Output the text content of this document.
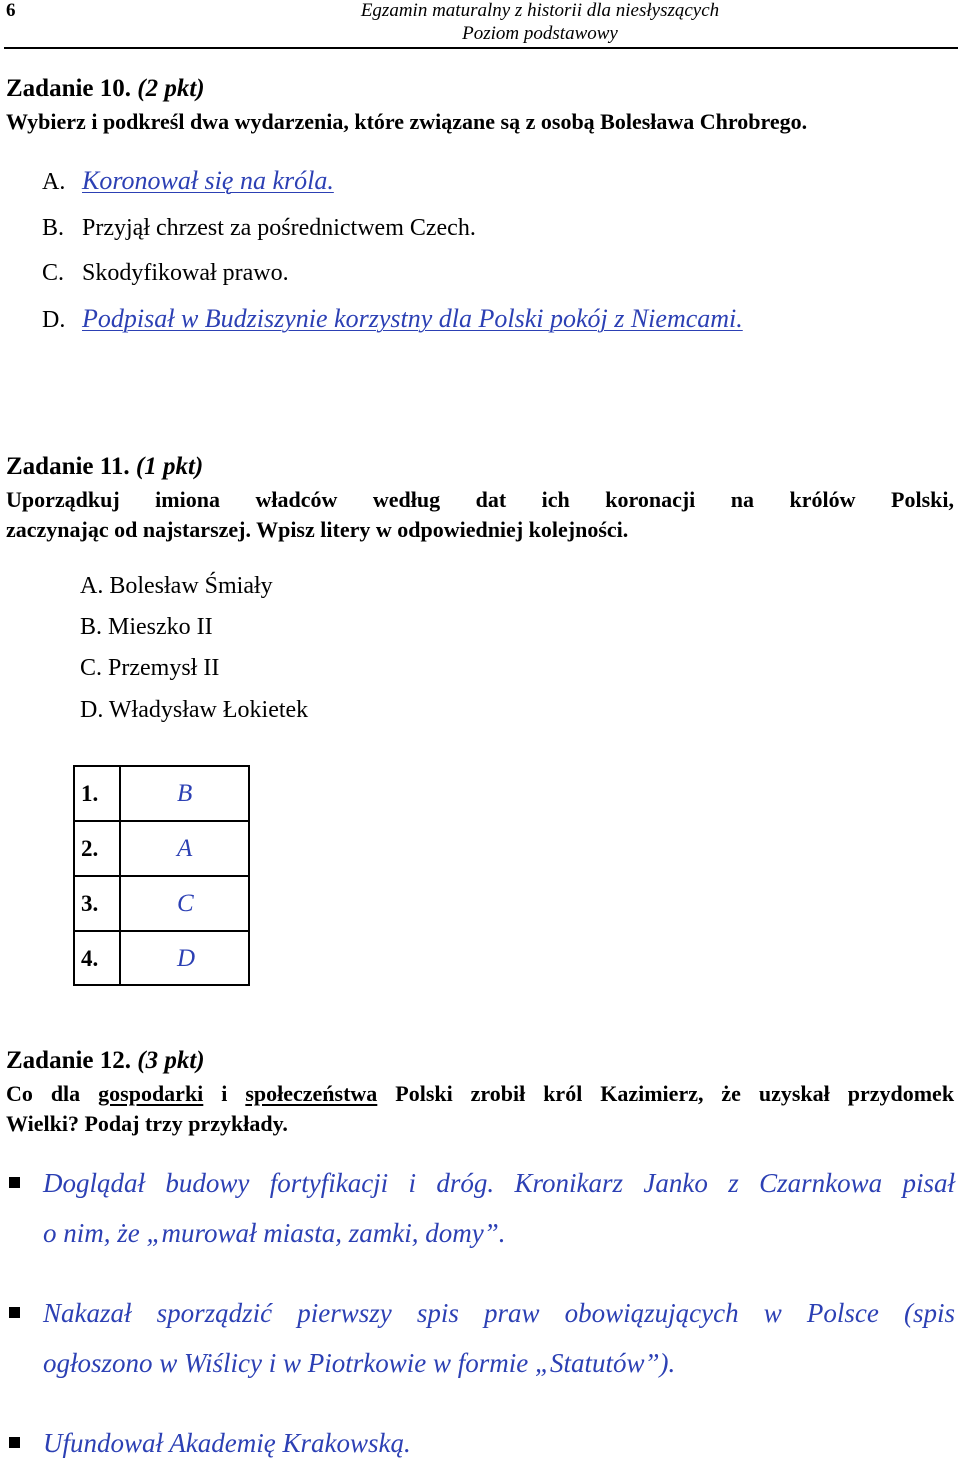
6	Egzamin maturalny z historii dla niesłyszących
Poziom podstawowy
Zadanie 10. (2 pkt)
Wybierz i podkreśl dwa wydarzenia, które związane są z osobą Bolesława Chrobrego.
A. Koronował się na króla.
B. Przyjął chrzest za pośrednictwem Czech.
C. Skodyfikował prawo.
D. Podpisał w Budziszynie korzystny dla Polski pokój z Niemcami.
Zadanie 11. (1 pkt)
Uporządkuj imiona władców według dat ich koronacji na królów Polski,
zaczynając od najstarszej. Wpisz litery w odpowiedniej kolejności.
A. Bolesław Śmiały
B. Mieszko II
C. Przemysł II
D. Władysław Łokietek
1.	B
2.	A
3.	C
4.	D
Zadanie 12. (3 pkt)
Co dla gospodarki i społeczeństwa Polski zrobił król Kazimierz, że uzyskał przydomek
Wielki? Podaj trzy przykłady.
Doglądał budowy fortyfikacji i dróg. Kronikarz Janko z Czarnkowa pisał
o nim, że „murował miasta, zamki, domy”.
Nakazał sporządzić pierwszy spis praw obowiązujących w Polsce (spis
ogłoszono w Wiślicy i w Piotrkowie w formie „Statutów”).
Ufundował Akademię Krakowską.
